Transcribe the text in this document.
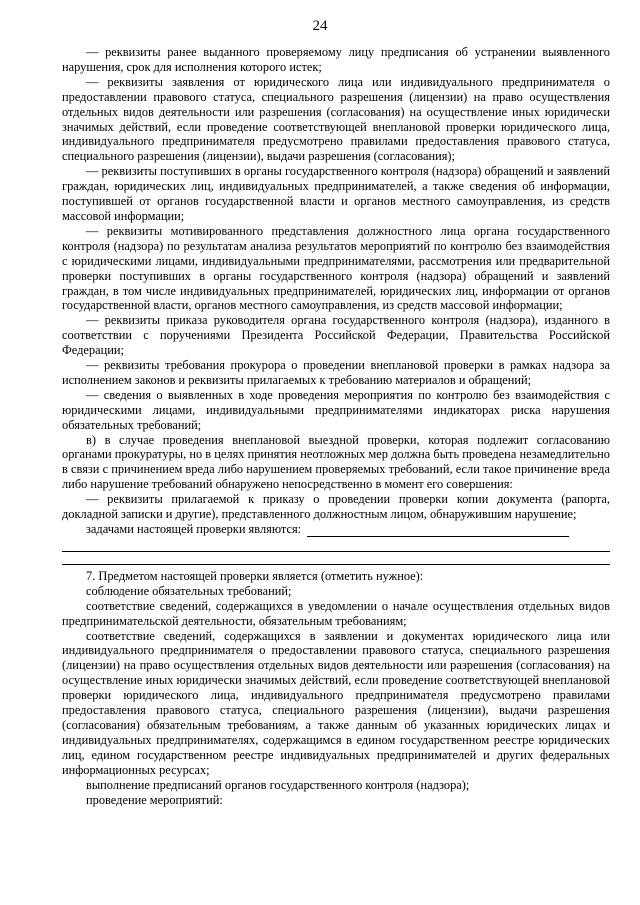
24

— реквизиты ранее выданного проверяемому лицу предписания об устранении выявленного нарушения, срок для исполнения которого истек;

— реквизиты заявления от юридического лица или индивидуального предпринимателя о предоставлении правового статуса, специального разрешения (лицензии) на право осуществления отдельных видов деятельности или разрешения (согласования) на осуществление иных юридически значимых действий, если проведение соответствующей внеплановой проверки юридического лица, индивидуального предпринимателя предусмотрено правилами предоставления правового статуса, специального разрешения (лицензии), выдачи разрешения (согласования);

— реквизиты поступивших в органы государственного контроля (надзора) обращений и заявлений граждан, юридических лиц, индивидуальных предпринимателей, а также сведения об информации, поступившей от органов государственной власти и органов местного самоуправления, из средств массовой информации;

— реквизиты мотивированного представления должностного лица органа государственного контроля (надзора) по результатам анализа результатов мероприятий по контролю без взаимодействия с юридическими лицами, индивидуальными предпринимателями, рассмотрения или предварительной проверки поступивших в органы государственного контроля (надзора) обращений и заявлений граждан, в том числе индивидуальных предпринимателей, юридических лиц, информации от органов государственной власти, органов местного самоуправления, из средств массовой информации;

— реквизиты приказа руководителя органа государственного контроля (надзора), изданного в соответствии с поручениями Президента Российской Федерации, Правительства Российской Федерации;

— реквизиты требования прокурора о проведении внеплановой проверки в рамках надзора за исполнением законов и реквизиты прилагаемых к требованию материалов и обращений;

— сведения о выявленных в ходе проведения мероприятия по контролю без взаимодействия с юридическими лицами, индивидуальными предпринимателями индикаторах риска нарушения обязательных требований;

в) в случае проведения внеплановой выездной проверки, которая подлежит согласованию органами прокуратуры, но в целях принятия неотложных мер должна быть проведена незамедлительно в связи с причинением вреда либо нарушением проверяемых требований, если такое причинение вреда либо нарушение требований обнаружено непосредственно в момент его совершения:

— реквизиты прилагаемой к приказу о проведении проверки копии документа (рапорта, докладной записки и другие), представленного должностным лицом, обнаружившим нарушение;

задачами настоящей проверки являются:

7. Предметом настоящей проверки является (отметить нужное):

соблюдение обязательных требований;

соответствие сведений, содержащихся в уведомлении о начале осуществления отдельных видов предпринимательской деятельности, обязательным требованиям;

соответствие сведений, содержащихся в заявлении и документах юридического лица или индивидуального предпринимателя о предоставлении правового статуса, специального разрешения (лицензии) на право осуществления отдельных видов деятельности или разрешения (согласования) на осуществление иных юридически значимых действий, если проведение соответствующей внеплановой проверки юридического лица, индивидуального предпринимателя предусмотрено правилами предоставления правового статуса, специального разрешения (лицензии), выдачи разрешения (согласования) обязательным требованиям, а также данным об указанных юридических лицах и индивидуальных предпринимателях, содержащимся в едином государственном реестре юридических лиц, едином государственном реестре индивидуальных предпринимателей и других федеральных информационных ресурсах;

выполнение предписаний органов государственного контроля (надзора);

проведение мероприятий:
